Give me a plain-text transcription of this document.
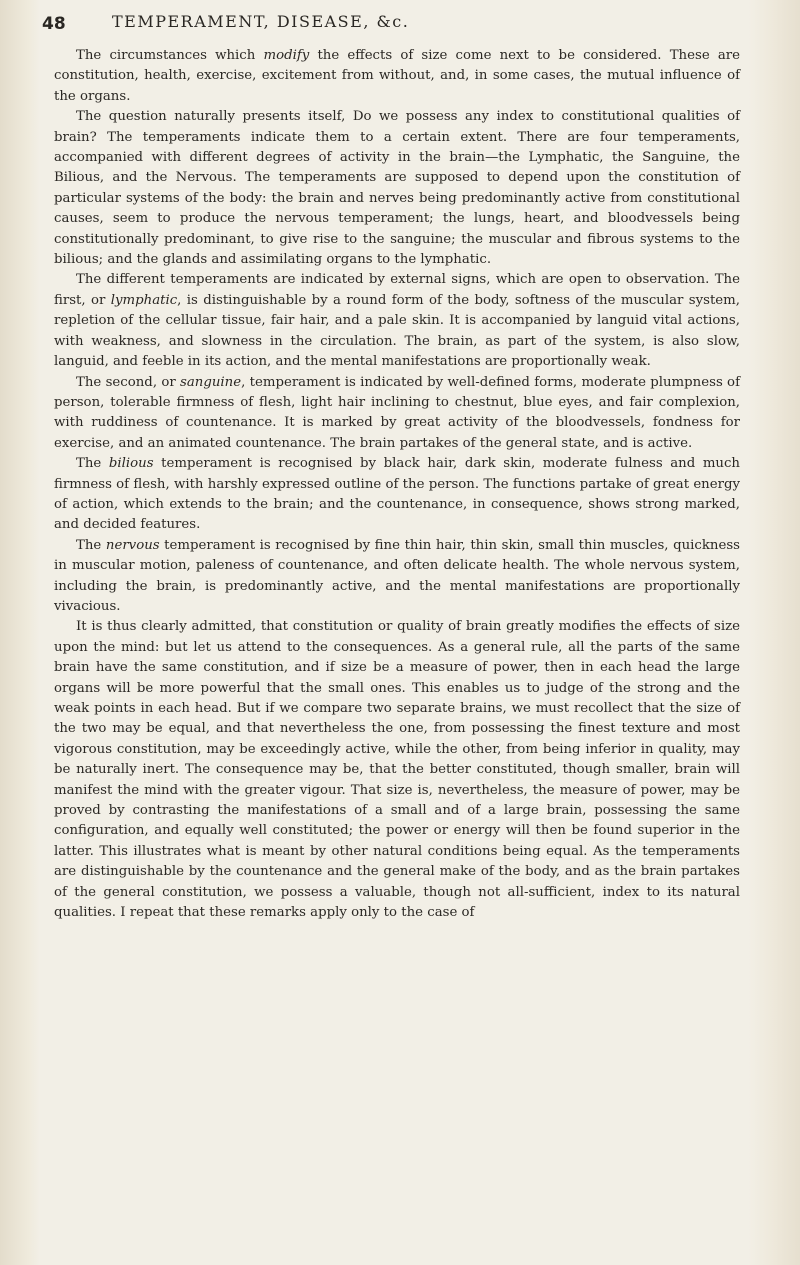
48	TEMPERAMENT, DISEASE, &c.

The circumstances which modify the effects of size come next to be considered. These are constitution, health, exercise, excitement from without, and, in some cases, the mutual influence of the organs.

The question naturally presents itself, Do we possess any index to constitutional qualities of brain? The temperaments indicate them to a certain extent. There are four temperaments, accompanied with different degrees of activity in the brain—the Lymphatic, the Sanguine, the Bilious, and the Nervous. The temperaments are supposed to depend upon the constitution of particular systems of the body: the brain and nerves being predominantly active from constitutional causes, seem to produce the nervous temperament; the lungs, heart, and bloodvessels being constitutionally predominant, to give rise to the sanguine; the muscular and fibrous systems to the bilious; and the glands and assimilating organs to the lymphatic.

The different temperaments are indicated by external signs, which are open to observation. The first, or lymphatic, is distinguishable by a round form of the body, softness of the muscular system, repletion of the cellular tissue, fair hair, and a pale skin. It is accompanied by languid vital actions, with weakness, and slowness in the circulation. The brain, as part of the system, is also slow, languid, and feeble in its action, and the mental manifestations are proportionally weak.

The second, or sanguine, temperament is indicated by well-defined forms, moderate plumpness of person, tolerable firmness of flesh, light hair inclining to chestnut, blue eyes, and fair complexion, with ruddiness of countenance. It is marked by great activity of the bloodvessels, fondness for exercise, and an animated countenance. The brain partakes of the general state, and is active.

The bilious temperament is recognised by black hair, dark skin, moderate fulness and much firmness of flesh, with harshly expressed outline of the person. The functions partake of great energy of action, which extends to the brain; and the countenance, in consequence, shows strong marked, and decided features.

The nervous temperament is recognised by fine thin hair, thin skin, small thin muscles, quickness in muscular motion, paleness of countenance, and often delicate health. The whole nervous system, including the brain, is predominantly active, and the mental manifestations are proportionally vivacious.

It is thus clearly admitted, that constitution or quality of brain greatly modifies the effects of size upon the mind: but let us attend to the consequences. As a general rule, all the parts of the same brain have the same constitution, and if size be a measure of power, then in each head the large organs will be more powerful that the small ones. This enables us to judge of the strong and the weak points in each head. But if we compare two separate brains, we must recollect that the size of the two may be equal, and that nevertheless the one, from possessing the finest texture and most vigorous constitution, may be exceedingly active, while the other, from being inferior in quality, may be naturally inert. The consequence may be, that the better constituted, though smaller, brain will manifest the mind with the greater vigour. That size is, nevertheless, the measure of power, may be proved by contrasting the manifestations of a small and of a large brain, possessing the same configuration, and equally well constituted; the power or energy will then be found superior in the latter. This illustrates what is meant by other natural conditions being equal. As the temperaments are distinguishable by the countenance and the general make of the body, and as the brain partakes of the general constitution, we possess a valuable, though not all-sufficient, index to its natural qualities. I repeat that these remarks apply only to the case of
